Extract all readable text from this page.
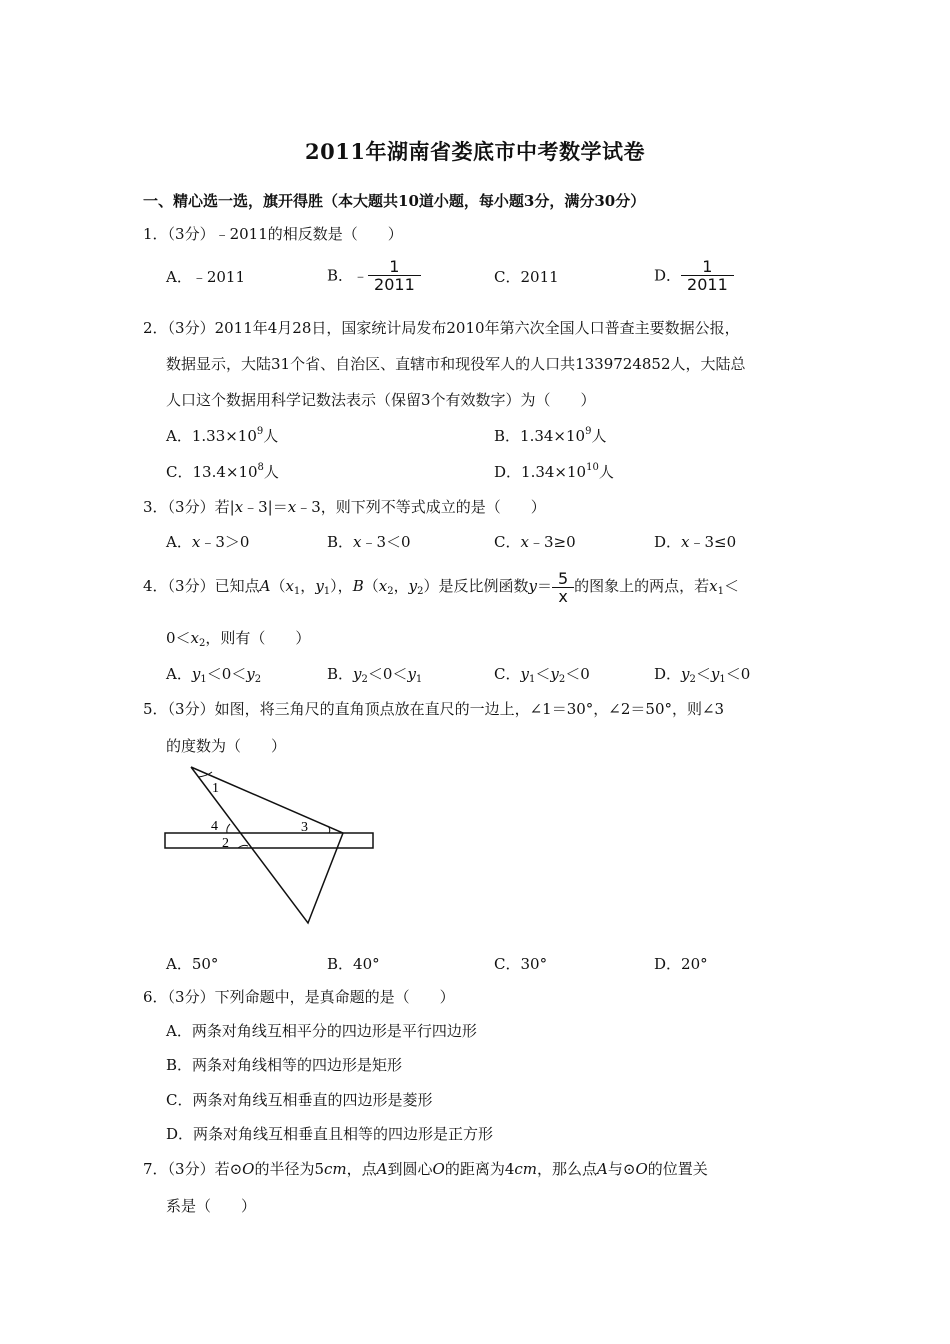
2011年湖南省娄底市中考数学试卷
一、精心选一选，旗开得胜（本大题共10道小题，每小题3分，满分30分）
1．（3分）﹣2011的相反数是（　　）
A．﹣2011	B．﹣ $\frac{1}{2011}$	C．2011	D． $\frac{1}{2011}$
2．（3分）2011年4月28日，国家统计局发布2010年第六次全国人口普查主要数据公报，
数据显示，大陆31个省、自治区、直辖市和现役军人的人口共1339724852人，大陆总
人口这个数据用科学记数法表示（保留3个有效数字）为（　　）
A．$1.33\times 10^9$人	B．$1.34\times 10^9$人
C．$13.4\times 10^8$人	D．$1.34\times 10^{10}$人
3．（3分）若|x﹣3|＝x﹣3，则下列不等式成立的是（　　）
A．x﹣3＞0	B．x﹣3＜0	C．x﹣3≥0	D．x﹣3≤0
4．（3分）已知点$A(x_1$，$y_1$），$B(x_2$，$y_2$）是反比例函数$y= \frac{5}{x}$ 的图象上的两点，若$x_1<$
$0<x_2$，则有（　　）
A．$y_1<0<y_2$	B．$y_2<0<y_1$	C．$y_1<y_2<0$	D．$y_2<y_1<0$
5．（3分）如图，将三角尺的直角顶点放在直尺的一边上，∠1＝30°，∠2＝50°，则∠3
的度数为（　　）
1
4	3
2
A．50°	B．40°	C．30°	D．20°
6．（3分）下列命题中，是真命题的是（　　）
A．两条对角线互相平分的四边形是平行四边形
B．两条对角线相等的四边形是矩形
C．两条对角线互相垂直的四边形是菱形
D．两条对角线互相垂直且相等的四边形是正方形
7．（3分）若⊙O的半径为5cm，点A到圆心O的距离为4cm，那么点A与⊙O的位置关
系是（　　）
